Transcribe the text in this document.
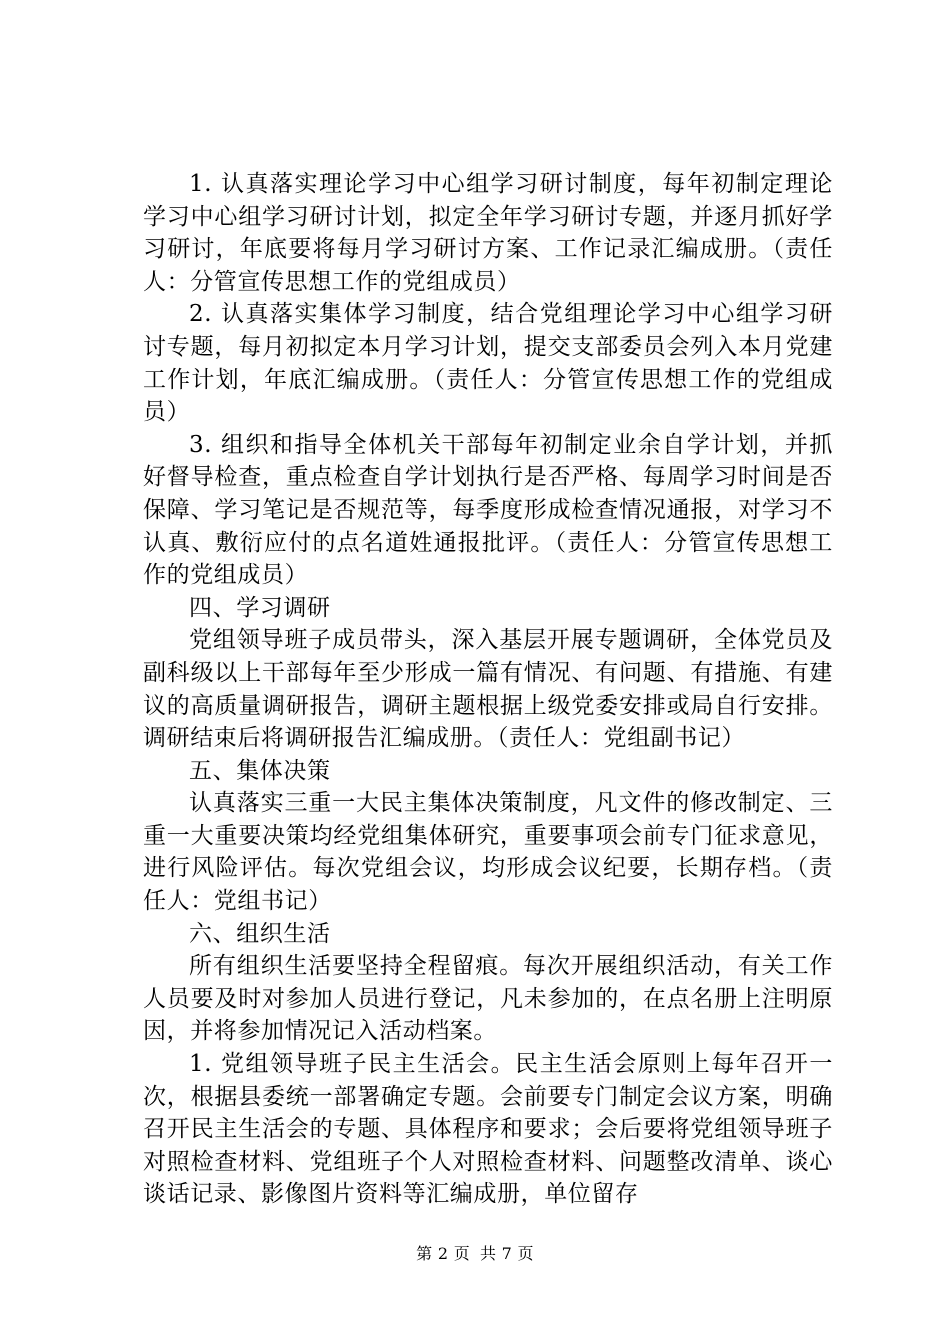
1. 认真落实理论学习中心组学习研讨制度，每年初制定理论学习中心组学习研讨计划，拟定全年学习研讨专题，并逐月抓好学习研讨，年底要将每月学习研讨方案、工作记录汇编成册。（责任人：分管宣传思想工作的党组成员）

2. 认真落实集体学习制度，结合党组理论学习中心组学习研讨专题，每月初拟定本月学习计划，提交支部委员会列入本月党建工作计划，年底汇编成册。（责任人：分管宣传思想工作的党组成员）

3. 组织和指导全体机关干部每年初制定业余自学计划，并抓好督导检查，重点检查自学计划执行是否严格、每周学习时间是否保障、学习笔记是否规范等，每季度形成检查情况通报，对学习不认真、敷衍应付的点名道姓通报批评。（责任人：分管宣传思想工作的党组成员）

四、学习调研

党组领导班子成员带头，深入基层开展专题调研，全体党员及副科级以上干部每年至少形成一篇有情况、有问题、有措施、有建议的高质量调研报告，调研主题根据上级党委安排或局自行安排。调研结束后将调研报告汇编成册。（责任人：党组副书记）

五、集体决策

认真落实三重一大民主集体决策制度，凡文件的修改制定、三重一大重要决策均经党组集体研究，重要事项会前专门征求意见，进行风险评估。每次党组会议，均形成会议纪要，长期存档。（责任人：党组书记）

六、组织生活

所有组织生活要坚持全程留痕。每次开展组织活动，有关工作人员要及时对参加人员进行登记，凡未参加的，在点名册上注明原因，并将参加情况记入活动档案。

1. 党组领导班子民主生活会。民主生活会原则上每年召开一次，根据县委统一部署确定专题。会前要专门制定会议方案，明确召开民主生活会的专题、具体程序和要求；会后要将党组领导班子对照检查材料、党组班子个人对照检查材料、问题整改清单、谈心谈话记录、影像图片资料等汇编成册，单位留存

第 2 页 共 7 页
